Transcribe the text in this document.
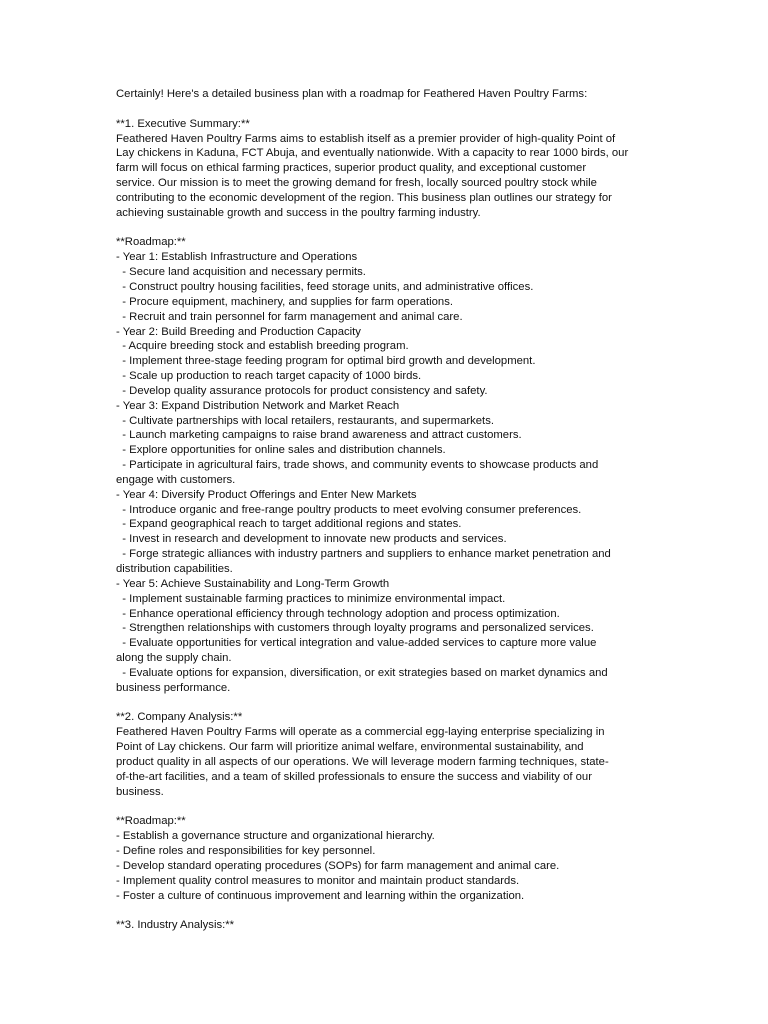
Certainly! Here's a detailed business plan with a roadmap for Feathered Haven Poultry Farms:
**1. Executive Summary:**
Feathered Haven Poultry Farms aims to establish itself as a premier provider of high-quality Point of
Lay chickens in Kaduna, FCT Abuja, and eventually nationwide. With a capacity to rear 1000 birds, our
farm will focus on ethical farming practices, superior product quality, and exceptional customer
service. Our mission is to meet the growing demand for fresh, locally sourced poultry stock while
contributing to the economic development of the region. This business plan outlines our strategy for
achieving sustainable growth and success in the poultry farming industry.
**Roadmap:**
- Year 1: Establish Infrastructure and Operations
- Secure land acquisition and necessary permits.
- Construct poultry housing facilities, feed storage units, and administrative offices.
- Procure equipment, machinery, and supplies for farm operations.
- Recruit and train personnel for farm management and animal care.
- Year 2: Build Breeding and Production Capacity
- Acquire breeding stock and establish breeding program.
- Implement three-stage feeding program for optimal bird growth and development.
- Scale up production to reach target capacity of 1000 birds.
- Develop quality assurance protocols for product consistency and safety.
- Year 3: Expand Distribution Network and Market Reach
- Cultivate partnerships with local retailers, restaurants, and supermarkets.
- Launch marketing campaigns to raise brand awareness and attract customers.
- Explore opportunities for online sales and distribution channels.
- Participate in agricultural fairs, trade shows, and community events to showcase products and
engage with customers.
- Year 4: Diversify Product Offerings and Enter New Markets
- Introduce organic and free-range poultry products to meet evolving consumer preferences.
- Expand geographical reach to target additional regions and states.
- Invest in research and development to innovate new products and services.
- Forge strategic alliances with industry partners and suppliers to enhance market penetration and
distribution capabilities.
- Year 5: Achieve Sustainability and Long-Term Growth
- Implement sustainable farming practices to minimize environmental impact.
- Enhance operational efficiency through technology adoption and process optimization.
- Strengthen relationships with customers through loyalty programs and personalized services.
- Evaluate opportunities for vertical integration and value-added services to capture more value
along the supply chain.
- Evaluate options for expansion, diversification, or exit strategies based on market dynamics and
business performance.
**2. Company Analysis:**
Feathered Haven Poultry Farms will operate as a commercial egg-laying enterprise specializing in
Point of Lay chickens. Our farm will prioritize animal welfare, environmental sustainability, and
product quality in all aspects of our operations. We will leverage modern farming techniques, state-
of-the-art facilities, and a team of skilled professionals to ensure the success and viability of our
business.
**Roadmap:**
- Establish a governance structure and organizational hierarchy.
- Define roles and responsibilities for key personnel.
- Develop standard operating procedures (SOPs) for farm management and animal care.
- Implement quality control measures to monitor and maintain product standards.
- Foster a culture of continuous improvement and learning within the organization.
**3. Industry Analysis:**
